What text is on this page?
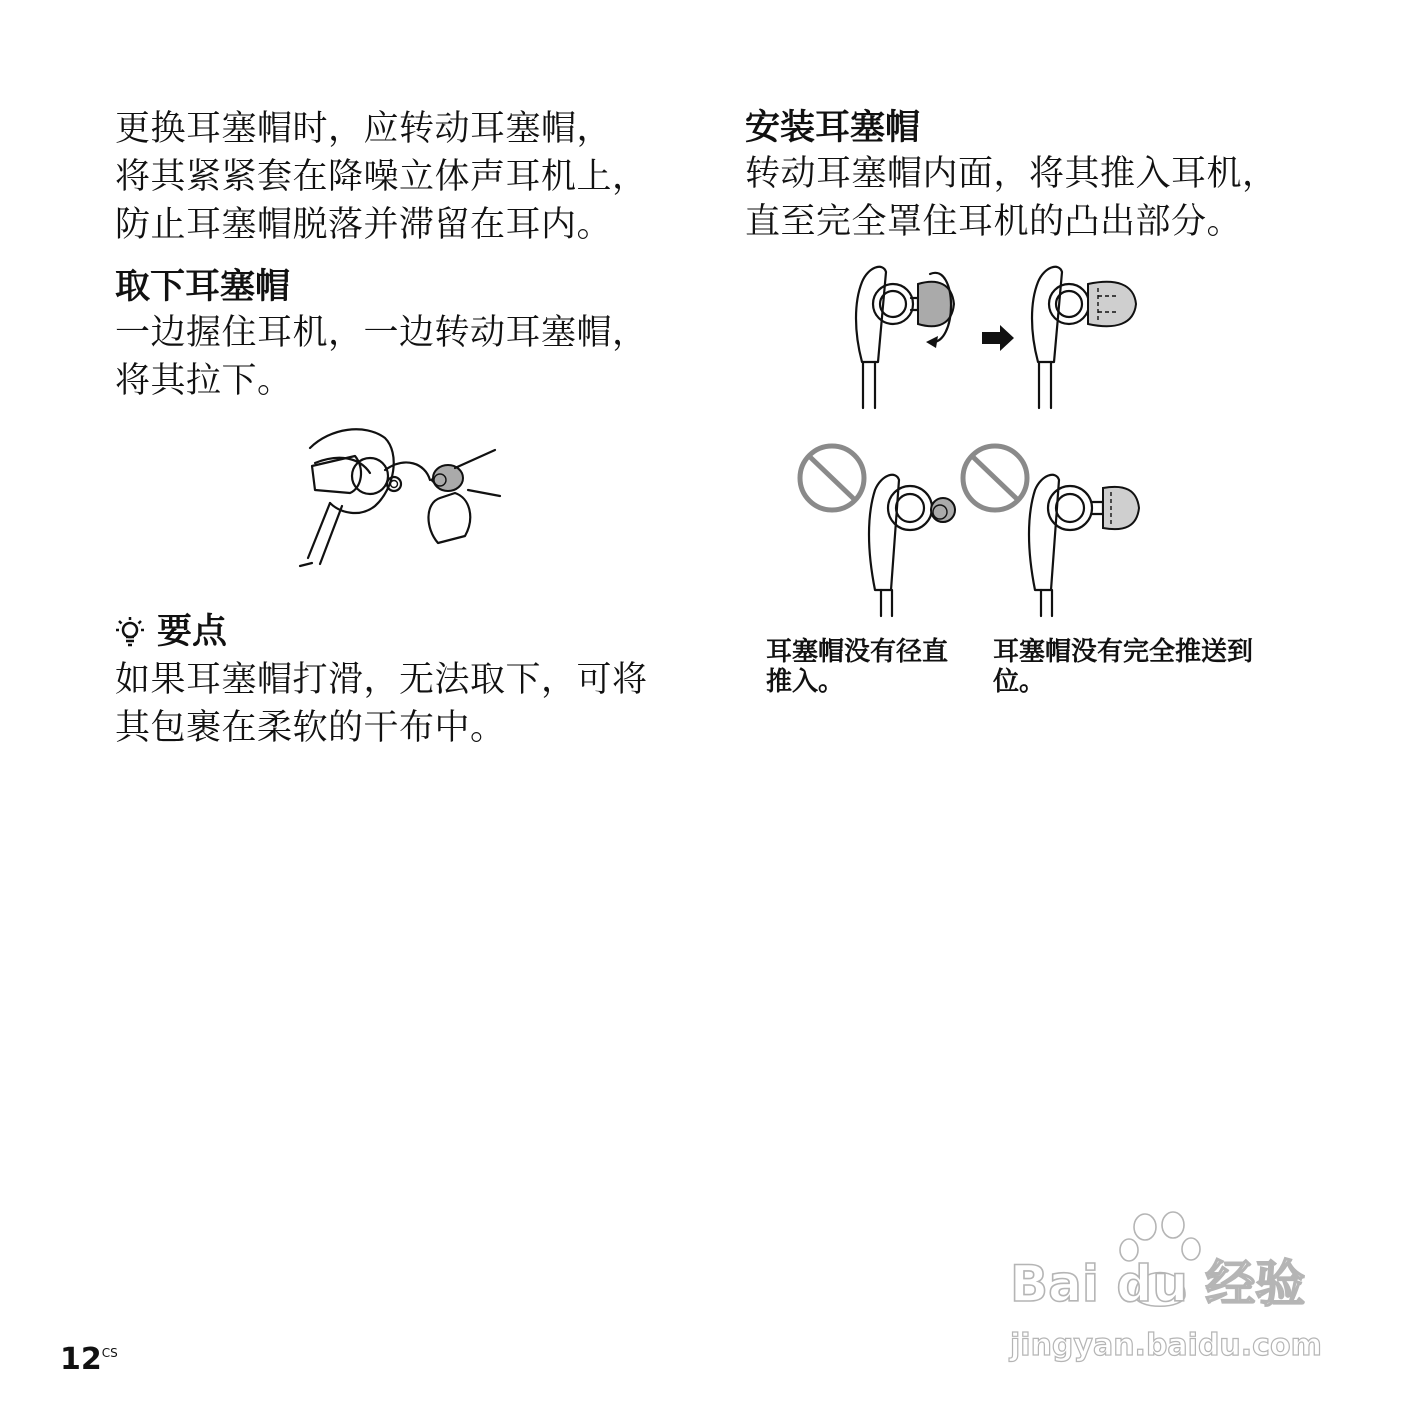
更换耳塞帽时，应转动耳塞帽，
将其紧紧套在降噪立体声耳机上，
防止耳塞帽脱落并滞留在耳内。
取下耳塞帽
一边握住耳机，一边转动耳塞帽，
将其拉下。
要点
如果耳塞帽打滑，无法取下，可将
其包裹在柔软的干布中。
安装耳塞帽
转动耳塞帽内面，将其推入耳机，
直至完全罩住耳机的凸出部分。
耳塞帽没有径直
推入。
耳塞帽没有完全推送到
位。
$12^{CS}$
Bai du 经验
jingyan.baidu.com
